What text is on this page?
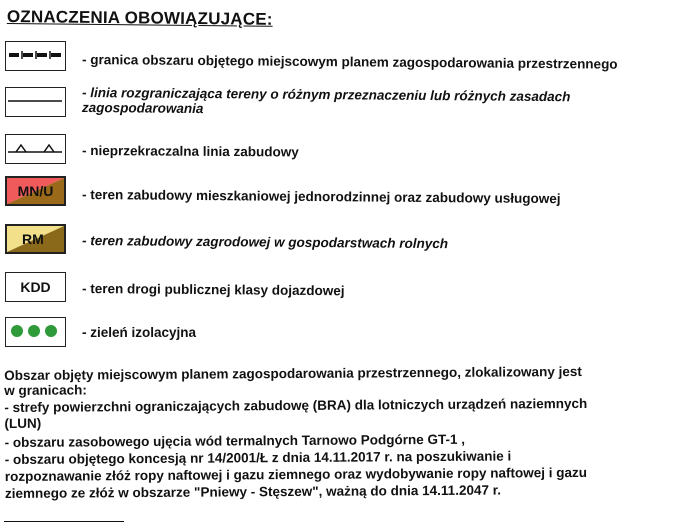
OZNACZENIA OBOWIĄZUJĄCE:
- granica obszaru objętego miejscowym planem zagospodarowania przestrzennego
- linia rozgraniczająca tereny o różnym przeznaczeniu lub różnych zasadach zagospodarowania
- nieprzekraczalna linia zabudowy
MN/U	- teren zabudowy mieszkaniowej jednorodzinnej oraz zabudowy usługowej
RM	- teren zabudowy zagrodowej w gospodarstwach rolnych
KDD	- teren drogi publicznej klasy dojazdowej
- zieleń izolacyjna
Obszar objęty miejscowym planem zagospodarowania przestrzennego, zlokalizowany jest
w granicach:
- strefy powierzchni ograniczających zabudowę (BRA) dla lotniczych urządzeń naziemnych
(LUN)
- obszaru zasobowego ujęcia wód termalnych Tarnowo Podgórne GT-1 ,
- obszaru objętego koncesją nr 14/2001/Ł z dnia 14.11.2017 r. na poszukiwanie i
rozpoznawanie złóż ropy naftowej i gazu ziemnego oraz wydobywanie ropy naftowej i gazu
ziemnego ze złóż w obszarze "Pniewy - Stęszew", ważną do dnia 14.11.2047 r.
